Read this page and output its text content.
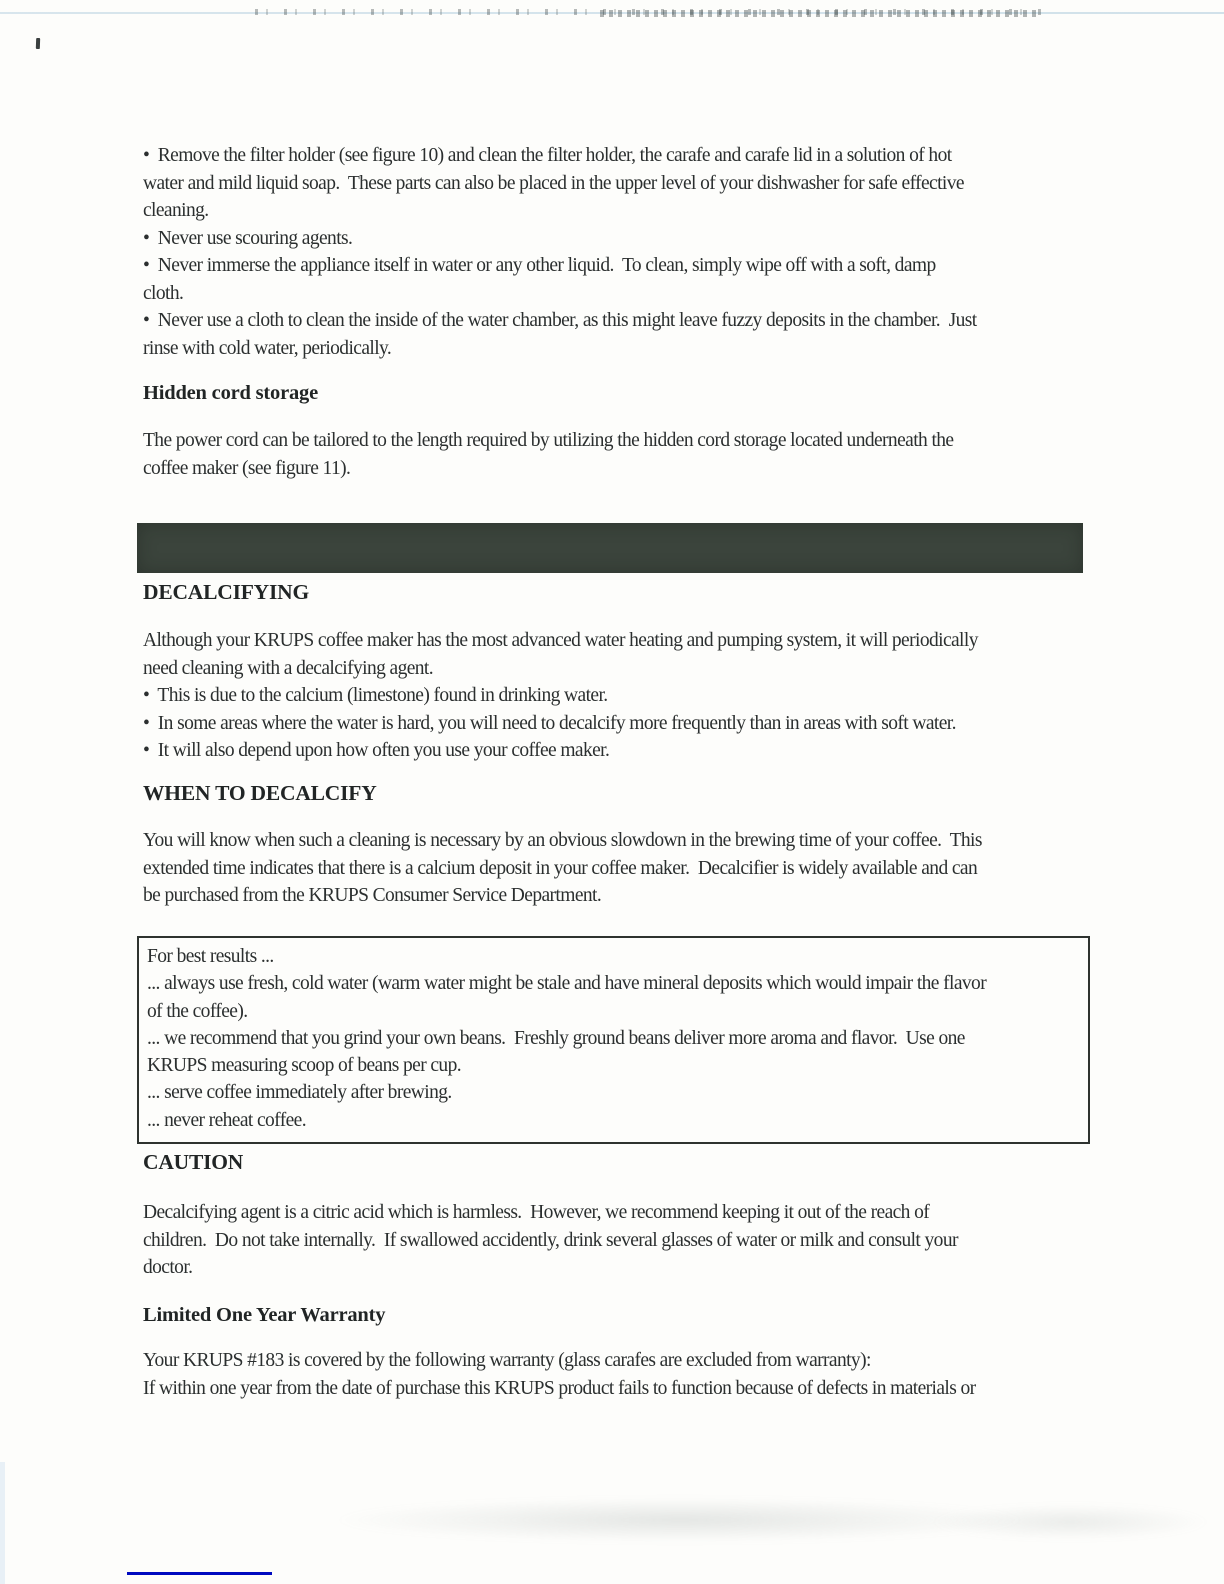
•  Remove the filter holder (see figure 10) and clean the filter holder, the carafe and carafe lid in a solution of hot
water and mild liquid soap.  These parts can also be placed in the upper level of your dishwasher for safe effective
cleaning.
•  Never use scouring agents.
•  Never immerse the appliance itself in water or any other liquid.  To clean, simply wipe off with a soft, damp
cloth.
•  Never use a cloth to clean the inside of the water chamber, as this might leave fuzzy deposits in the chamber.  Just
rinse with cold water, periodically.
Hidden cord storage
The power cord can be tailored to the length required by utilizing the hidden cord storage located underneath the
coffee maker (see figure 11).
DECALCIFYING
Although your KRUPS coffee maker has the most advanced water heating and pumping system, it will periodically
need cleaning with a decalcifying agent.
•  This is due to the calcium (limestone) found in drinking water.
•  In some areas where the water is hard, you will need to decalcify more frequently than in areas with soft water.
•  It will also depend upon how often you use your coffee maker.
WHEN TO DECALCIFY
You will know when such a cleaning is necessary by an obvious slowdown in the brewing time of your coffee.  This
extended time indicates that there is a calcium deposit in your coffee maker.  Decalcifier is widely available and can
be purchased from the KRUPS Consumer Service Department.
For best results ...
... always use fresh, cold water (warm water might be stale and have mineral deposits which would impair the flavor
of the coffee).
... we recommend that you grind your own beans.  Freshly ground beans deliver more aroma and flavor.  Use one
KRUPS measuring scoop of beans per cup.
... serve coffee immediately after brewing.
... never reheat coffee.
CAUTION
Decalcifying agent is a citric acid which is harmless.  However, we recommend keeping it out of the reach of
children.  Do not take internally.  If swallowed accidently, drink several glasses of water or milk and consult your
doctor.
Limited One Year Warranty
Your KRUPS #183 is covered by the following warranty (glass carafes are excluded from warranty):
If within one year from the date of purchase this KRUPS product fails to function because of defects in materials or
